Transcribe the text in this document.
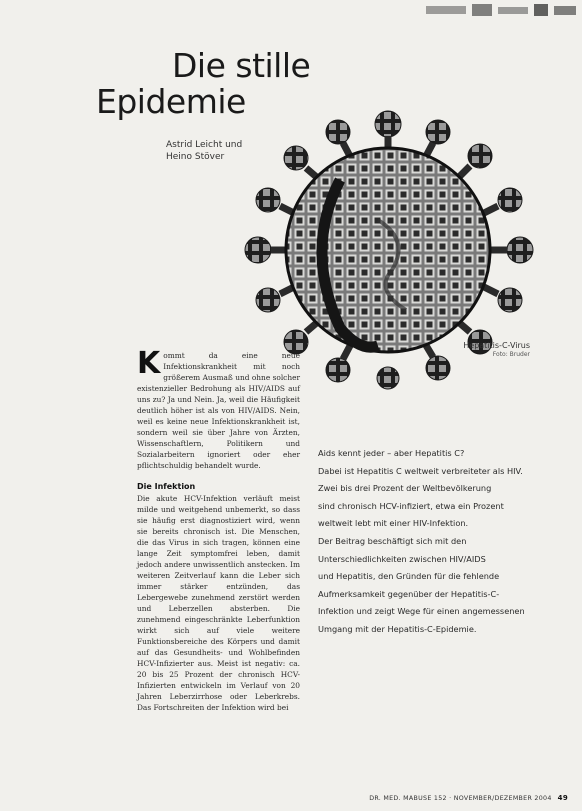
Die stille
Epidemie
Astrid Leicht und
Heino Stöver
Hepatitis-C-Virus
Foto: Bruder

Kommt da eine neue Infektionskrankheit mit noch größerem Ausmaß und ohne solcher existenzieller Bedrohung als HIV/AIDS auf uns zu? Ja und Nein. Ja, weil die Häufigkeit deutlich höher ist als von HIV/AIDS. Nein, weil es keine neue Infektionskrankheit ist, sondern weil sie über Jahre von Ärzten, Wissenschaftlern, Politikern und Sozialarbeitern ignoriert oder eher pflichtschuldig behandelt wurde.

Die Infektion

Die akute HCV-Infektion verläuft meist milde und weitgehend unbemerkt, so dass sie häufig erst diagnostiziert wird, wenn sie bereits chronisch ist. Die Menschen, die das Virus in sich tragen, können eine lange Zeit symptomfrei leben, damit jedoch andere unwissentlich anstecken. Im weiteren Zeitverlauf kann die Leber sich immer stärker entzünden, das Lebergewebe zunehmend zerstört werden und Leberzellen absterben. Die zunehmend eingeschränkte Leberfunktion wirkt sich auf viele weitere Funktionsbereiche des Körpers und damit auf das Gesundheits- und Wohlbefinden HCV-Infizierter aus. Meist ist negativ: ca. 20 bis 25 Prozent der chronisch HCV-Infizierten entwickeln im Verlauf von 20 Jahren Leberzirrhose oder Leberkrebs. Das Fortschreiten der Infektion wird bei

Aids kennt jeder – aber Hepatitis C?
Dabei ist Hepatitis C weltweit verbreiteter als HIV.
Zwei bis drei Prozent der Weltbevölkerung
sind chronisch HCV-infiziert, etwa ein Prozent
weltweit lebt mit einer HIV-Infektion.
Der Beitrag beschäftigt sich mit den
Unterschiedlichkeiten zwischen HIV/AIDS
und Hepatitis, den Gründen für die fehlende
Aufmerksamkeit gegenüber der Hepatitis-C-
Infektion und zeigt Wege für einen angemessenen
Umgang mit der Hepatitis-C-Epidemie.
DR. MED. MABUSE 152 · NOVEMBER/DEZEMBER 2004 49
